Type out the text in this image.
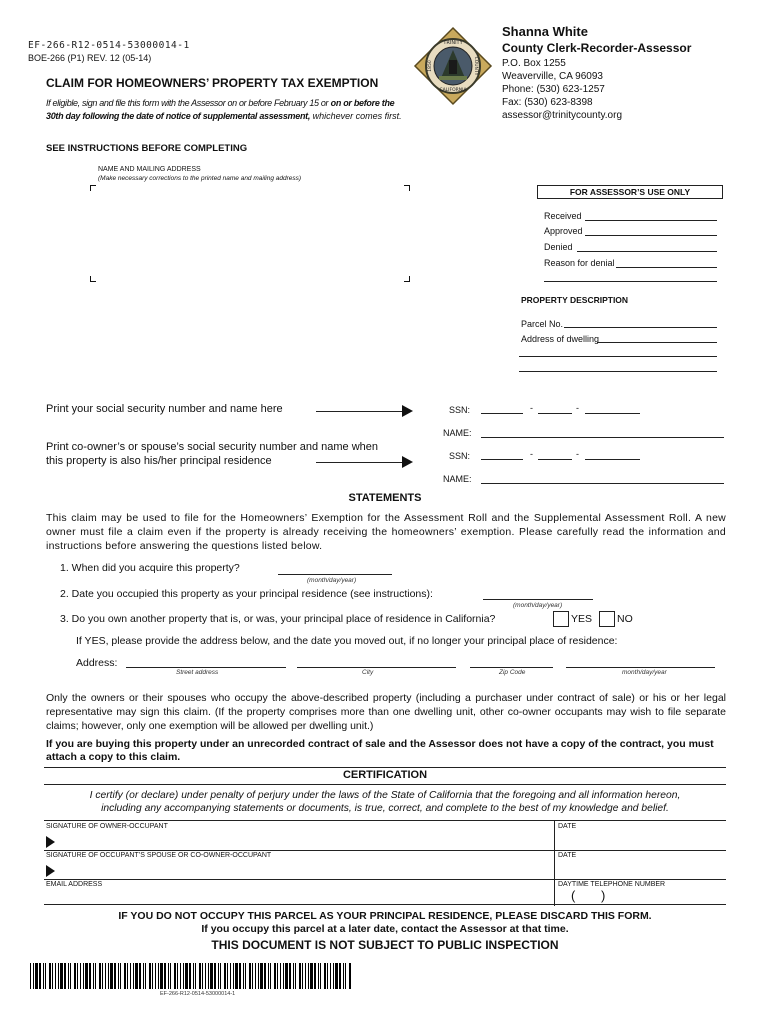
EF-266-R12-0514-53000014-1
BOE-266 (P1) REV. 12 (05-14)
CLAIM FOR HOMEOWNERS’ PROPERTY TAX EXEMPTION
If eligible, sign and file this form with the Assessor on or before February 15 or on or before the 30th day following the date of notice of supplemental assessment, whichever comes first.
SEE INSTRUCTIONS BEFORE COMPLETING
TRINITY
COUNTY
CALIFORNIA
1850
Shanna White
County Clerk-Recorder-Assessor
P.O. Box 1255
Weaverville, CA 96093
Phone: (530) 623-1257
Fax: (530) 623-8398
assessor@trinitycounty.org
NAME AND MAILING ADDRESS
(Make necessary corrections to the printed name and mailing address)
FOR ASSESSOR’S USE ONLY
Received
Approved
Denied
Reason for denial
PROPERTY DESCRIPTION
Parcel No.
Address of dwelling
Print your social security number and name here	SSN:	-	-
NAME:
Print co-owner’s or spouse’s social security number and name when
this property is also his/her principal residence	SSN:	-	-
NAME:
STATEMENTS
This claim may be used to file for the Homeowners’ Exemption for the Assessment Roll and the Supplemental Assessment Roll. A new owner must file a claim even if the property is already receiving the homeowners’ exemption. Please carefully read the information and instructions before answering the questions listed below.
1. When did you acquire this property?
(month/day/year)
2. Date you occupied this property as your principal residence (see instructions):
(month/day/year)
3. Do you own another property that is, or was, your principal place of residence in California?	YES NO
If YES, please provide the address below, and the date you moved out, if no longer your principal place of residence:
Address:
Street address	City	Zip Code	month/day/year
Only the owners or their spouses who occupy the above-described property (including a purchaser under contract of sale) or his or her legal representative may sign this claim. (If the property comprises more than one dwelling unit, other co-owner occupants may wish to file separate claims; however, only one exemption will be allowed per dwelling unit.)
If you are buying this property under an unrecorded contract of sale and the Assessor does not have a copy of the contract, you must attach a copy to this claim.
CERTIFICATION
I certify (or declare) under penalty of perjury under the laws of the State of California that the foregoing and all information hereon,
including any accompanying statements or documents, is true, correct, and complete to the best of my knowledge and belief.
SIGNATURE OF OWNER-OCCUPANT	DATE
SIGNATURE OF OCCUPANT’S SPOUSE OR CO-OWNER-OCCUPANT	DATE
EMAIL ADDRESS	DAYTIME TELEPHONE NUMBER
( )
IF YOU DO NOT OCCUPY THIS PARCEL AS YOUR PRINCIPAL RESIDENCE, PLEASE DISCARD THIS FORM.
If you occupy this parcel at a later date, contact the Assessor at that time.
THIS DOCUMENT IS NOT SUBJECT TO PUBLIC INSPECTION
EF-266-R12-0514-53000014-1
